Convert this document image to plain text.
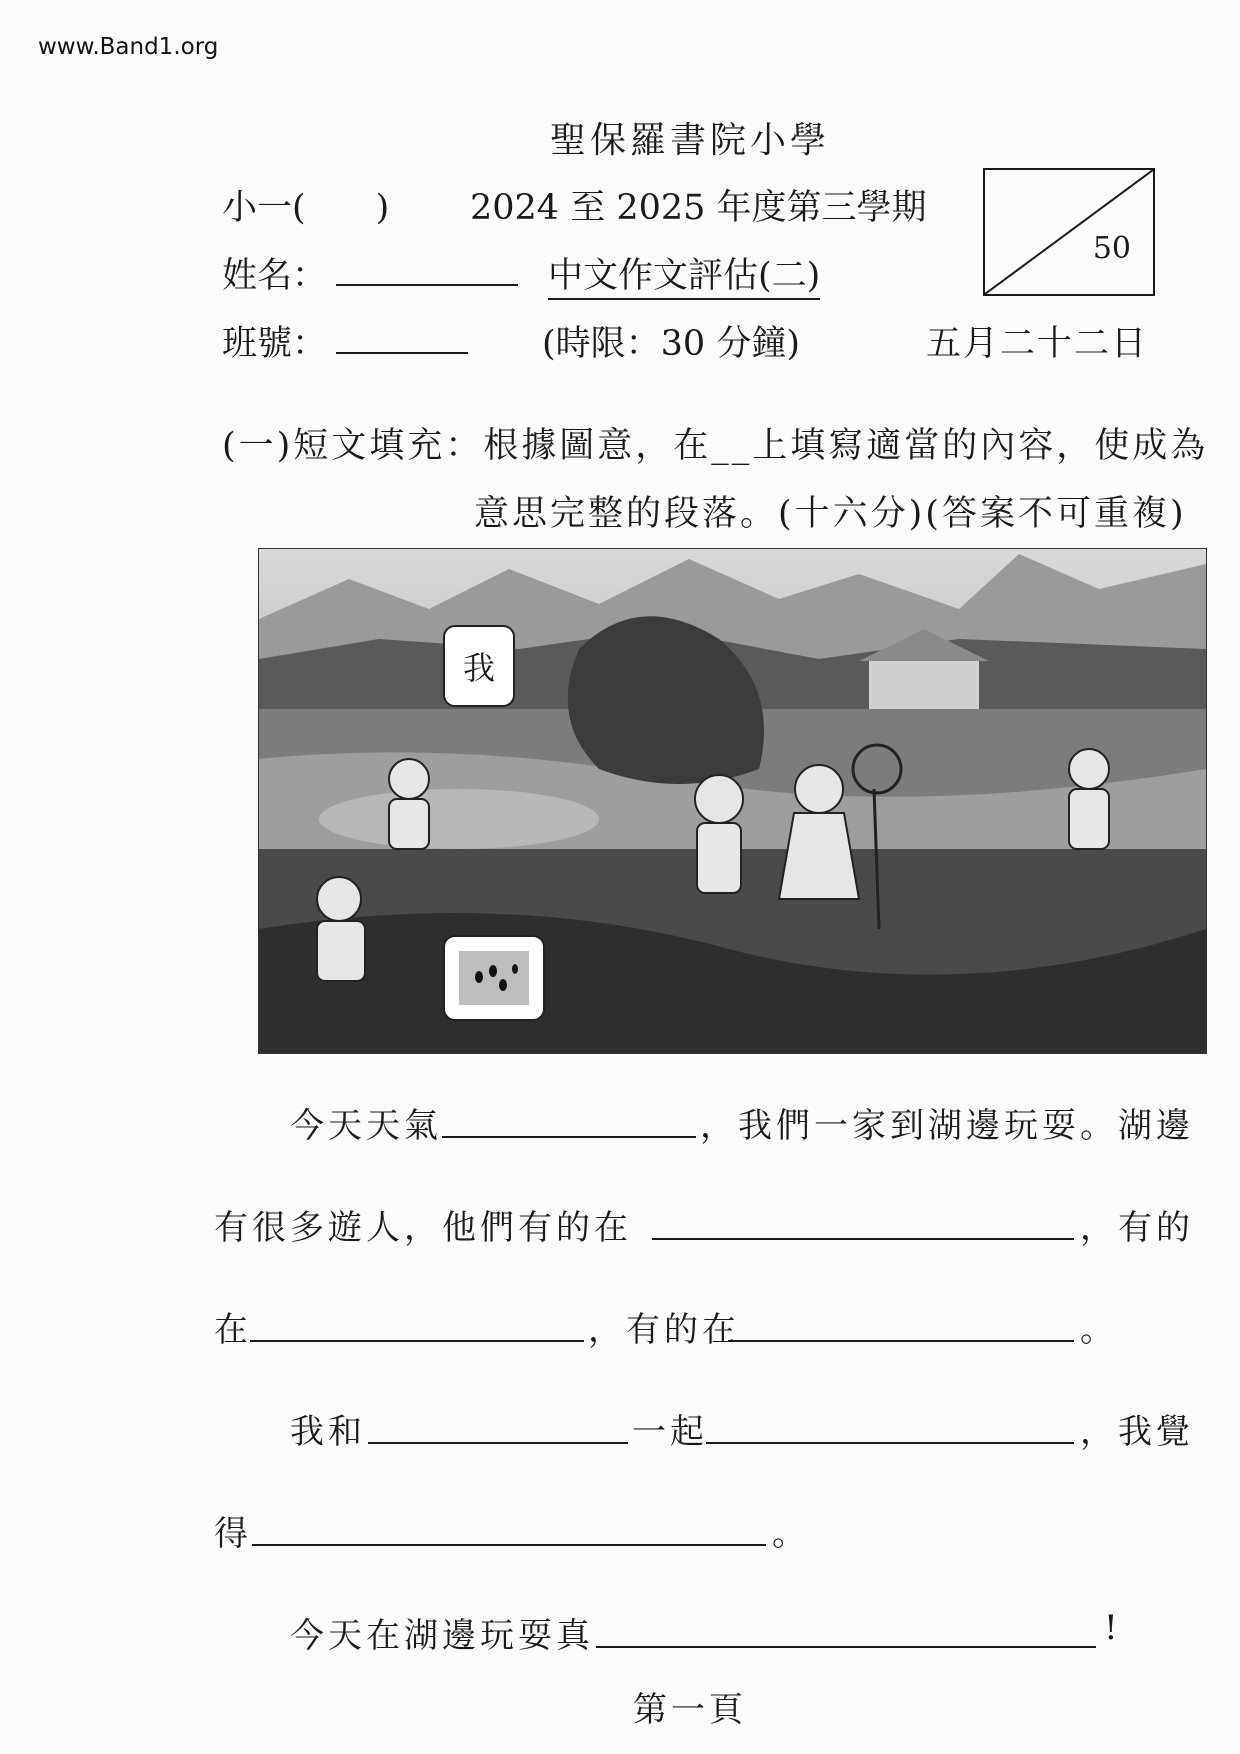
www.Band1.org
聖保羅書院小學
小一(　　) 2024 至 2025 年度第三學期
姓名：	中文作文評估(二)
班號：	(時限：30 分鐘)	五月二十二日
50
(一)短文填充：根據圖意，在__上填寫適當的內容，使成為
意思完整的段落。(十六分)(答案不可重複)
我
今天天氣	，我們一家到湖邊玩耍。湖邊
有很多遊人，他們有的在	，有的
在	，有的在	。
我和	一起	，我覺
得	。
今天在湖邊玩耍真	!
第一頁
